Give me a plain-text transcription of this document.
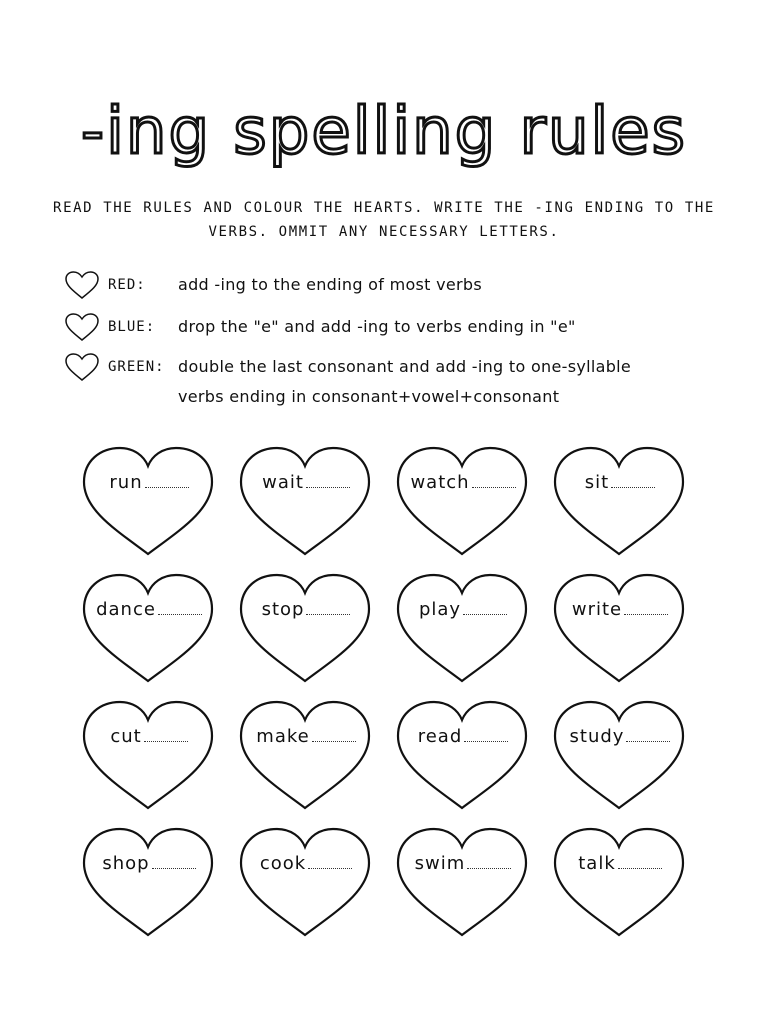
-ing spelling rules
READ THE RULES AND COLOUR THE HEARTS. WRITE THE -ING ENDING TO THE VERBS. OMMIT ANY NECESSARY LETTERS.
RED:	add -ing to the ending of most verbs
BLUE:	drop the "e" and add -ing to verbs ending in "e"
GREEN: double the last consonant and add -ing to one-syllable verbs ending in consonant+vowel+consonant
run	wait	watch	sit
dance	stop	play	write
cut	make	read	study
shop	cook	swim	talk
